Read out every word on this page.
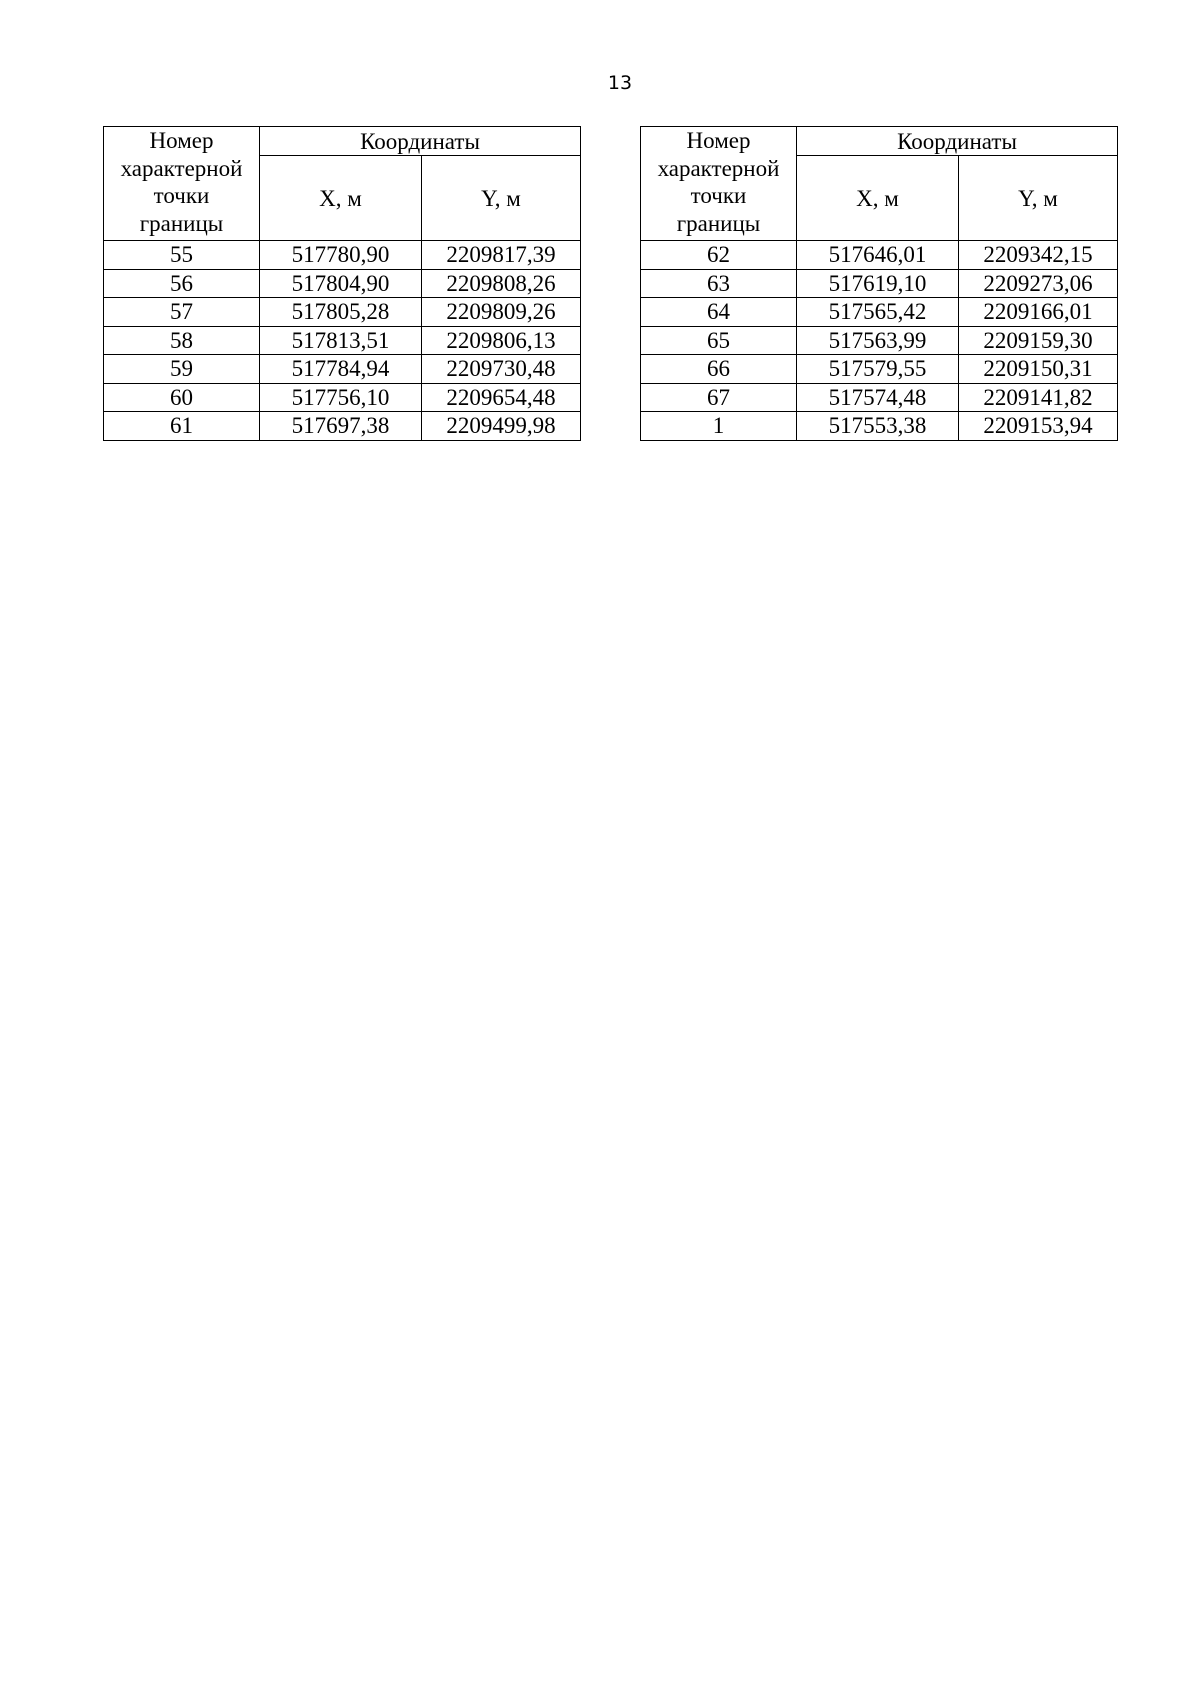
13
Номер
характерной
точки
границы	Координаты	
	X, м	Y, м
55	517780,90	2209817,39
56	517804,90	2209808,26
57	517805,28	2209809,26
58	517813,51	2209806,13
59	517784,94	2209730,48
60	517756,10	2209654,48
61	517697,38	2209499,98
Номер
характерной
точки
границы	Координаты	
	X, м	Y, м
62	517646,01	2209342,15
63	517619,10	2209273,06
64	517565,42	2209166,01
65	517563,99	2209159,30
66	517579,55	2209150,31
67	517574,48	2209141,82
1	517553,38	2209153,94
